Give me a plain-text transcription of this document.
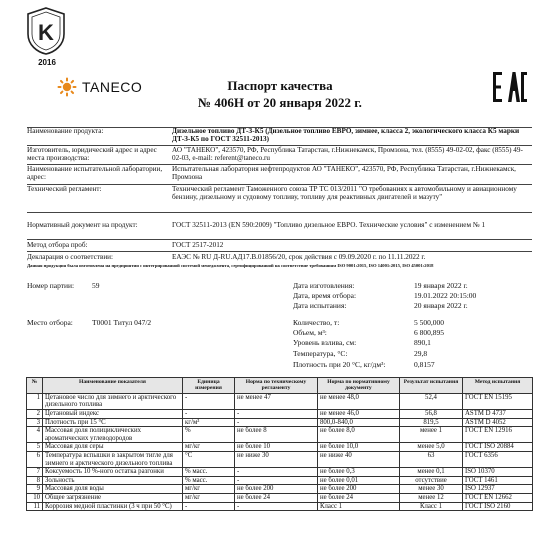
K
2016
TANECO	Паспорт качества
№ 406Н от 20 января 2022 г.
Наименование продукта:	Дизельное топливо ДТ-З-К5 (Дизельное топливо ЕВРО, зимнее, класса 2, экологического класса К5 марки ДТ-З-К5 по ГОСТ 32511-2013)
Изготовитель, юридический адрес и адрес места производства:
АО "ТАНЕКО", 423570, РФ, Республика Татарстан, г.Нижнекамск, Промзона, тел. (8555) 49-02-02, факс (8555) 49-02-03, e-mail: referent@taneco.ru
Наименование испытательной лаборатории, адрес:
Испытательная лаборатория нефтепродуктов АО "ТАНЕКО", 423570, РФ, Республика Татарстан, г.Нижнекамск, Промзона
Технический регламент:	Технический регламент Таможенного союза ТР ТС 013/2011 "О требованиях к автомобильному и авиационному бензину, дизельному и судовому топливу, топливу для реактивных двигателей и мазуту"
Нормативный документ на продукт:	ГОСТ 32511-2013 (EN 590:2009) "Топливо дизельное ЕВРО. Технические условия" с изменением № 1
Метод отбора проб:	ГОСТ 2517-2012
Декларация о соответствии:	ЕАЭС № RU Д-RU.АД17.В.01856/20, срок действия с 09.09.2020 г. по 11.11.2022 г.
Данная продукция была изготовлена на предприятии с интегрированной системой менеджмента, сертифицированной на соответствие требованиям ISO 9001:2015, ISO 14001:2015, ISO 45001:2018
Номер партии: 59	Дата изготовления:	19 января 2022 г.
Дата, время отбора:	19.01.2022 20:15:00
Дата испытания:	20 января 2022 г.
Место отбора:	Т0001 Титул 047/2	Количество, т:	5 500,000
Объем, м³:	6 800,895
Уровень взлива, см:	890,1
Температура, °С:	29,8
Плотность при 20 °С, кг/дм³:	0,8157
№	Наименование показателя	Единица измерения	Норма по техническому регламенту	Норма по нормативному документу	Результат испытания	Метод испытания
1	Цетановое число для зимнего и арктического дизельного топлива	-	не менее 47	не менее 48,0	52,4	ГОСТ EN 15195
2	Цетановый индекс	-	-	не менее 46,0	56,8	ASTM D 4737
3	Плотность при 15 °С	кг/м³	-	800,0-840,0	819,5	ASTM D 4052
4	Массовая доля полициклических ароматических углеводородов	%	не более 8	не более 8,0	менее 1	ГОСТ EN 12916
5	Массовая доля серы	мг/кг	не более 10	не более 10,0	менее 5,0	ГОСТ ISO 20884
6	Температура вспышки в закрытом тигле для зимнего и арктического дизельного топлива	°С	не ниже 30	не ниже 40	63	ГОСТ 6356
7	Коксуемость 10 %-ного остатка разгонки	% масс.	-	не более 0,3	менее 0,1	ISO 10370
8	Зольность	% масс.	-	не более 0,01	отсутствие	ГОСТ 1461
9	Массовая доля воды	мг/кг	не более 200	не более 200	менее 30	ISO 12937
10	Общее загрязнение	мг/кг	не более 24	не более 24	менее 12	ГОСТ EN 12662
11	Коррозия медной пластинки (3 ч при 50 °С)	-	-	Класс 1	Класс 1	ГОСТ ISO 2160
